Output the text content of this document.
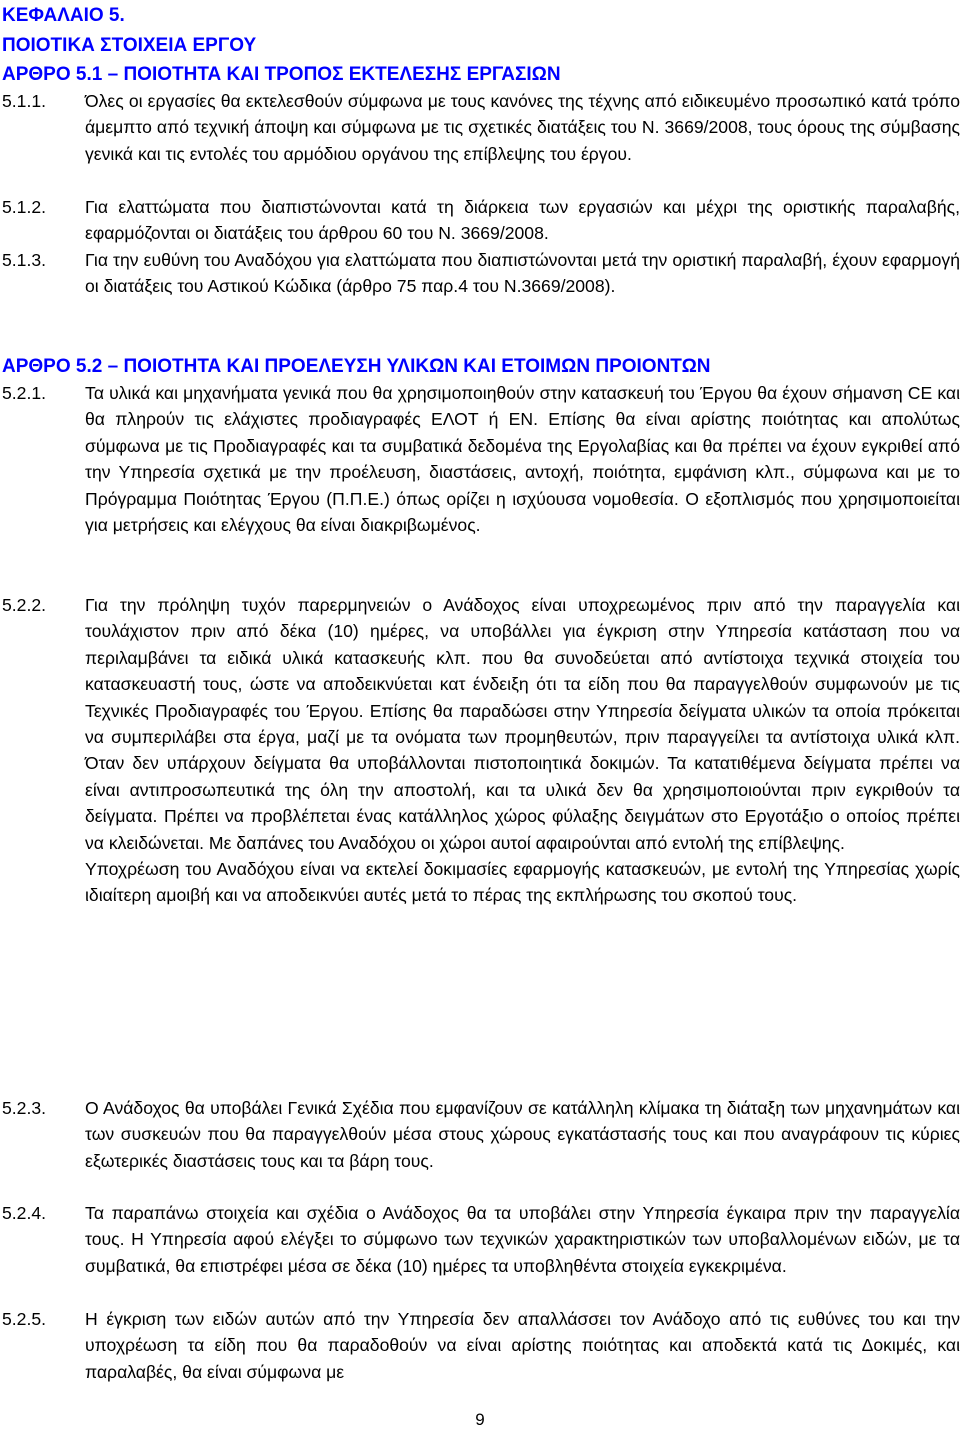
ΚΕΦΑΛΑΙΟ 5.
ΠΟΙΟΤΙΚΑ ΣΤΟΙΧΕΙΑ ΕΡΓΟΥ
ΑΡΘΡΟ 5.1 – ΠΟΙΟΤΗΤΑ ΚΑΙ ΤΡΟΠΟΣ ΕΚΤΕΛΕΣΗΣ ΕΡΓΑΣΙΩΝ
5.1.1. Όλες οι εργασίες θα εκτελεσθούν σύμφωνα με τους κανόνες της τέχνης από ειδικευμένο προσωπικό κατά τρόπο άμεμπτο από τεχνική άποψη και σύμφωνα με τις σχετικές διατάξεις του Ν. 3669/2008, τους όρους της σύμβασης γενικά και τις εντολές του αρμόδιου οργάνου της επίβλεψης του έργου.

5.1.2. Για ελαττώματα που διαπιστώνονται κατά τη διάρκεια των εργασιών και μέχρι της οριστικής παραλαβής, εφαρμόζονται οι διατάξεις του άρθρου 60 του Ν. 3669/2008.

5.1.3. Για την ευθύνη του Αναδόχου για ελαττώματα που διαπιστώνονται μετά την οριστική παραλαβή, έχουν εφαρμογή οι διατάξεις του Αστικού Κώδικα (άρθρο 75 παρ.4 του Ν.3669/2008).

ΑΡΘΡΟ 5.2 – ΠΟΙΟΤΗΤΑ ΚΑΙ ΠΡΟΕΛΕΥΣΗ ΥΛΙΚΩΝ ΚΑΙ ΕΤΟΙΜΩΝ ΠΡΟΙΟΝΤΩΝ
5.2.1. Τα υλικά και μηχανήματα γενικά που θα χρησιμοποιηθούν στην κατασκευή του Έργου θα έχουν σήμανση CE και θα πληρούν τις ελάχιστες προδιαγραφές ΕΛΟΤ ή ΕΝ. Επίσης θα είναι αρίστης ποιότητας και απολύτως σύμφωνα με τις Προδιαγραφές και τα συμβατικά δεδομένα της Εργολαβίας και θα πρέπει να έχουν εγκριθεί από την Υπηρεσία σχετικά με την προέλευση, διαστάσεις, αντοχή, ποιότητα, εμφάνιση κλπ., σύμφωνα και με το Πρόγραμμα Ποιότητας Έργου (Π.Π.Ε.) όπως ορίζει η ισχύουσα νομοθεσία. Ο εξοπλισμός που χρησιμοποιείται για μετρήσεις και ελέγχους θα είναι διακριβωμένος.

5.2.2. Για την πρόληψη τυχόν παρερμηνειών ο Ανάδοχος είναι υποχρεωμένος πριν από την παραγγελία και τουλάχιστον πριν από δέκα (10) ημέρες, να υποβάλλει για έγκριση στην Υπηρεσία κατάσταση που να περιλαμβάνει τα ειδικά υλικά κατασκευής κλπ. που θα συνοδεύεται από αντίστοιχα τεχνικά στοιχεία του κατασκευαστή τους, ώστε να αποδεικνύεται κατ ένδειξη ότι τα είδη που θα παραγγελθούν συμφωνούν με τις Τεχνικές Προδιαγραφές του Έργου. Επίσης θα παραδώσει στην Υπηρεσία δείγματα υλικών τα οποία πρόκειται να συμπεριλάβει στα έργα, μαζί με τα ονόματα των προμηθευτών, πριν παραγγείλει τα αντίστοιχα υλικά κλπ. Όταν δεν υπάρχουν δείγματα θα υποβάλλονται πιστοποιητικά δοκιμών. Τα κατατιθέμενα δείγματα πρέπει να είναι αντιπροσωπευτικά της όλη την αποστολή, και τα υλικά δεν θα χρησιμοποιούνται πριν εγκριθούν τα δείγματα. Πρέπει να προβλέπεται ένας κατάλληλος χώρος φύλαξης δειγμάτων στο Εργοτάξιο ο οποίος πρέπει να κλειδώνεται. Με δαπάνες του Αναδόχου οι χώροι αυτοί αφαιρούνται από εντολή της επίβλεψης.
Υποχρέωση του Αναδόχου είναι να εκτελεί δοκιμασίες εφαρμογής κατασκευών, με εντολή της Υπηρεσίας χωρίς ιδιαίτερη αμοιβή και να αποδεικνύει αυτές μετά το πέρας της εκπλήρωσης του σκοπού τους.

5.2.3. Ο Ανάδοχος θα υποβάλει Γενικά Σχέδια που εμφανίζουν σε κατάλληλη κλίμακα τη διάταξη των μηχανημάτων και των συσκευών που θα παραγγελθούν μέσα στους χώρους εγκατάστασής τους και που αναγράφουν τις κύριες εξωτερικές διαστάσεις τους και τα βάρη τους.

5.2.4. Τα παραπάνω στοιχεία και σχέδια ο Ανάδοχος θα τα υποβάλει στην Υπηρεσία έγκαιρα πριν την παραγγελία τους. Η Υπηρεσία αφού ελέγξει το σύμφωνο των τεχνικών χαρακτηριστικών των υποβαλλομένων ειδών, με τα συμβατικά, θα επιστρέφει μέσα σε δέκα (10) ημέρες τα υποβληθέντα στοιχεία εγκεκριμένα.

5.2.5. Η έγκριση των ειδών αυτών από την Υπηρεσία δεν απαλλάσσει τον Ανάδοχο από τις ευθύνες του και την υποχρέωση τα είδη που θα παραδοθούν να είναι αρίστης ποιότητας και αποδεκτά κατά τις Δοκιμές, και παραλαβές, θα είναι σύμφωνα με

9
